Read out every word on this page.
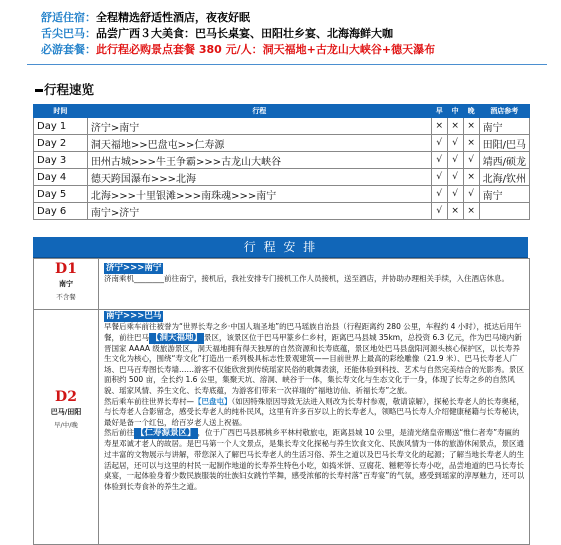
舒适住宿：全程精选舒适性酒店，夜夜好眠
舌尖巴马：品尝广西３大美食：巴马长桌宴、田阳壮乡宴、北海海鲜大咖
必游套餐：此行程必购景点套餐 380 元/人：洞天福地+古龙山大峡谷+德天瀑布
行程速览
时间	行程	早	中	晚	酒店参考
Day 1	济宁>南宁	×	×	×	南宁
Day 2	洞天福地>>巴盘屯>>仁寿源	√	√	×	田阳/巴马
Day 3	田州古城>>>牛王争霸>>>古龙山大峡谷	√	√	√	靖西/硕龙
Day 4	德天跨国瀑布>>>北海	√	√	×	北海/钦州
Day 5	北海>>>十里银滩>>>南珠魂>>>南宁	√	√	√	南宁
Day 6	南宁>济宁	√	×	×	
行 程 安 排
D1
南宁
不含餐
济宁>>>南宁
济南乘机________前往南宁，接机后，我社安排专门接机工作人员接机，送至酒店，并协助办理相关手续，入住酒店休息。
D2
巴马/田阳
早/中/晚
南宁>>>巴马
早餐后乘车前往被誉为“世界长寿之乡·中国人瑞圣地”的巴马瑶族自治县（行程距离约 280 公里，车程约 4 小时），抵达后用午餐，前往巴马 【洞天福地】 景区，该景区位于巴马甲篆乡仁乡村，距离巴马县城 35km，总投资 6.3 亿元，作为巴马境内新晋国家 AAAA 级旅游景区，洞天福地拥有得天独厚的自然资源和长寿底蕴，景区地处巴马县盘阳河源头核心保护区，以长寿养生文化为核心，围绕“寿文化”打造出一系列极具标志性景观建筑——目前世界上最高的彩绘雕像（21.9 米）、巴马长寿老人广场、巴马百寿图长寿墙……游客不仅能欣赏到传统瑶家民俗的歌舞表演，还能体验到科技、艺术与自然完美结合的光影秀。景区面积约 500 亩，全长约 1.6 公里，集聚天坑、溶洞、峡谷于一体，集长寿文化与生态文化于一身，体现了长寿之乡的自然风貌、瑶家风情、养生文化、长寿底蕴，为游客们带来一次祥瑞的“福地访仙、祈福长寿”之旅。
然后乘车前往世界长寿村—【巴盘屯】（如因特殊原因导致无法进入则改为长寿村参观，敬请谅解），探秘长寿老人的长寿奥秘，与长寿老人合影留念，感受长寿老人的纯朴民风，这里有许多百岁以上的长寿老人，领略巴马长寿人介绍健康秘籍与长寿秘诀，最好是备一个红包，给百岁老人送上祝福。
然后前往 【仁寿源景区】 ，位于广西巴马县那桃乡平林村敬旅屯，距离县城 10 公里，是清光绪皇帝赐送“惟仁者寿”寿匾的寿星邓诚才老人的故居。是巴马第一个人文景点，是集长寿文化探秘与养生饮食文化、民族风情为一体的旅游休闲景点，景区通过丰富的文物展示与讲解，带您深入了解巴马长寿老人的生活习俗、养生之道以及巴马长寿文化的起源；了解当地长寿老人的生活起居，还可以与这里的村民一起制作地道的长寿养生特色小吃，如捣米饼、豆腐花、糍粑等长寿小吃，品尝地道的巴马长寿长桌宴，一起体验身着少数民族服装的壮族妇女跳竹竿舞，感受浓郁的长寿村落“百寿宴”的气氛，感受到瑶家的淳厚魅力，还可以体验到长寿食补的养生之道。
